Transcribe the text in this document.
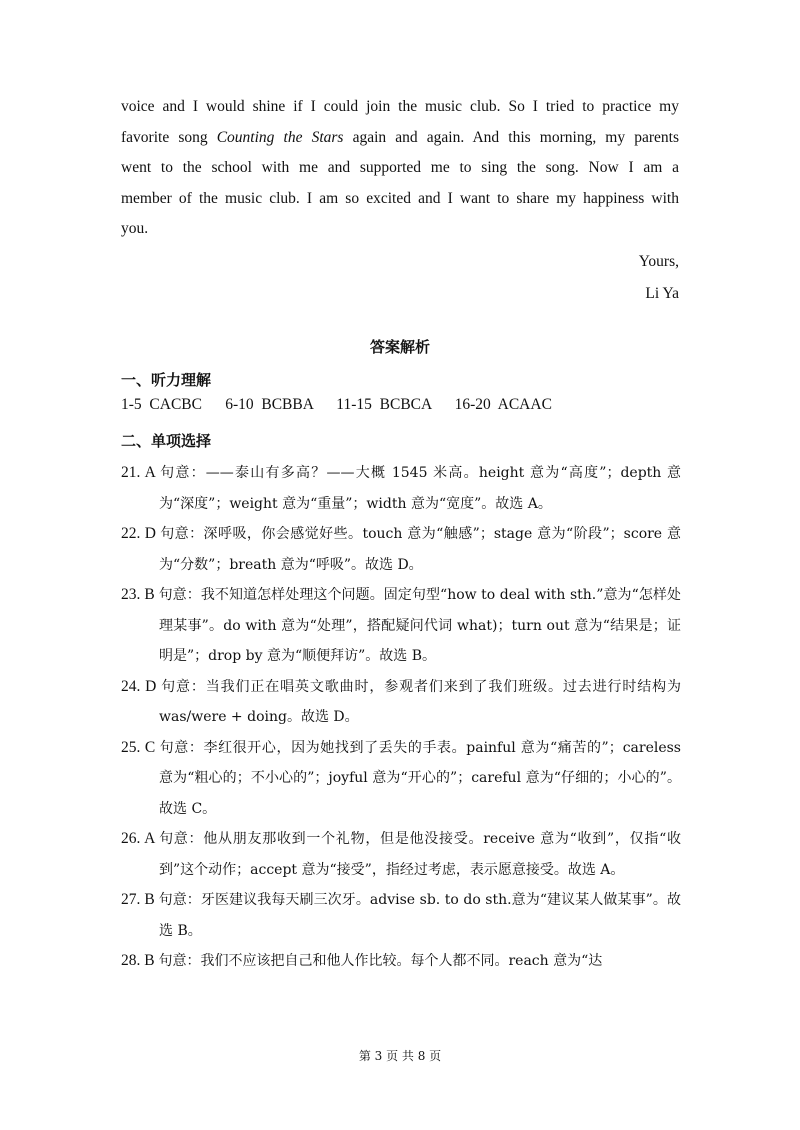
voice and I would shine if I could join the music club. So I tried to practice my favorite song Counting the Stars again and again. And this morning, my parents went to the school with me and supported me to sing the song. Now I am a member of the music club. I am so excited and I want to share my happiness with you.

Yours,
Li Ya
答案解析
一、听力理解
1-5  CACBC      6-10  BCBBA      11-15  BCBCA      16-20  ACAAC
二、单项选择

21. A 句意：——泰山有多高？——大概 1545 米高。height 意为“高度”；depth 意为“深度”；weight 意为“重量”；width 意为“宽度”。故选 A。

22. D 句意：深呼吸，你会感觉好些。touch 意为“触感”；stage 意为“阶段”；score 意为“分数”；breath 意为“呼吸”。故选 D。

23. B 句意：我不知道怎样处理这个问题。固定句型“how to deal with sth.”意为“怎样处理某事”。do with 意为“处理”，搭配疑问代词 what)；turn out 意为“结果是；证明是”；drop by 意为“顺便拜访”。故选 B。

24. D 句意：当我们正在唱英文歌曲时，参观者们来到了我们班级。过去进行时结构为 was/were + doing。故选 D。

25. C 句意：李红很开心，因为她找到了丢失的手表。painful 意为“痛苦的”；careless 意为“粗心的；不小心的”；joyful 意为“开心的”；careful 意为“仔细的；小心的”。故选 C。

26. A 句意：他从朋友那收到一个礼物，但是他没接受。receive 意为“收到”，仅指“收到”这个动作；accept 意为“接受”，指经过考虑，表示愿意接受。故选 A。

27. B 句意：牙医建议我每天刷三次牙。advise sb. to do sth.意为“建议某人做某事”。故选 B。

28. B 句意：我们不应该把自己和他人作比较。每个人都不同。reach 意为“达

第 3 页 共 8 页
